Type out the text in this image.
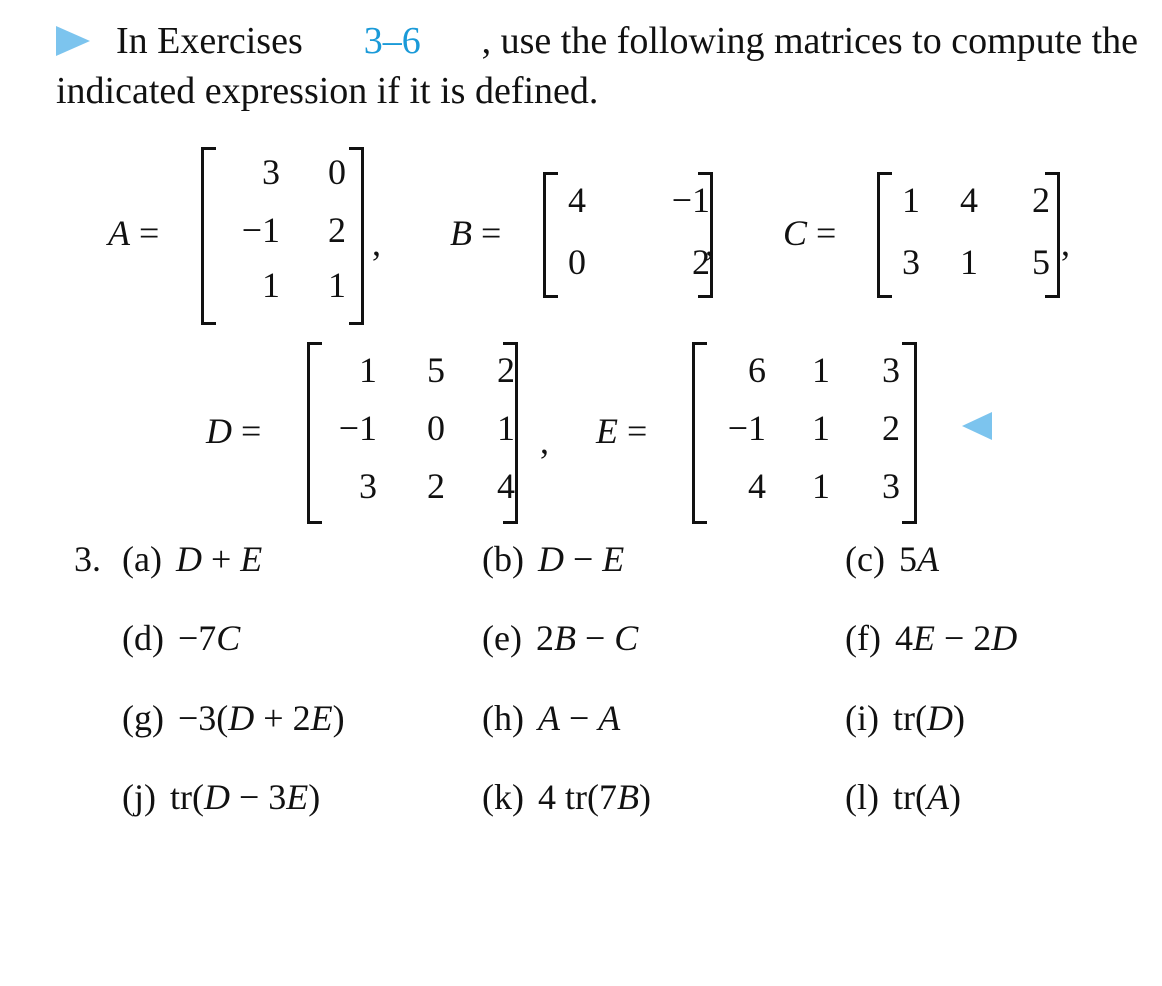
In Exercises 3–6 , use the following matrices to compute the
indicated expression if it is defined.
A =
3	0
−1	2
1	1
, B =
4	−1
0	2
, C =
1	4	2
3	1	5 ,
D =
1	5	2
−1	0	1
3	2	4
, E =
6	1	3
−1	1	2
4	1	3
3. (a) D + E	(b) D − E	(c) 5A
(d) −7C	(e) 2B − C	(f) 4E − 2D
(g) −3(D + 2E)	(h) A − A	(i) tr(D)
(j) tr(D − 3E)	(k) 4 tr(7B)	(l) tr(A)
